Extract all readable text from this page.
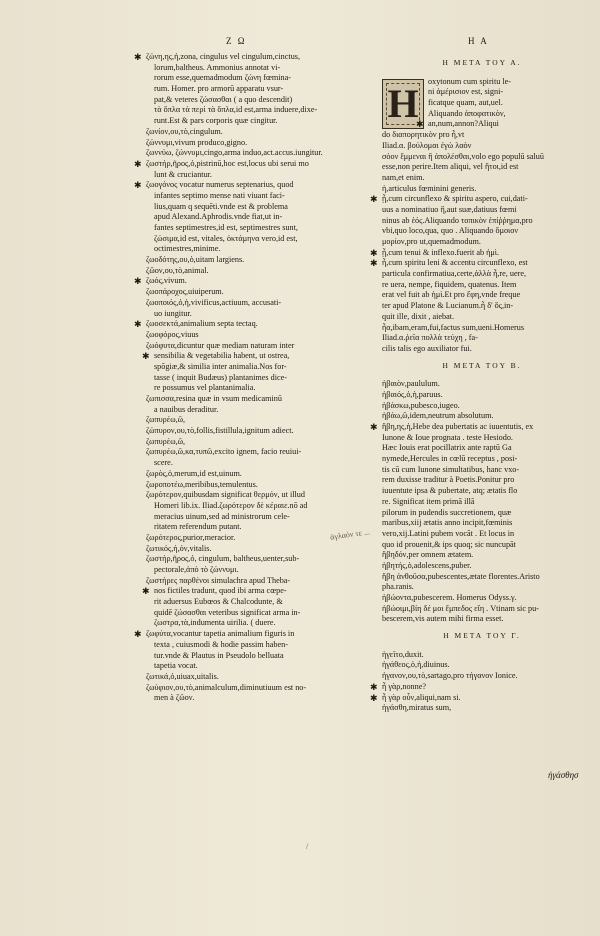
Z Ω	H A
✱ ζώνη,ης,ἡ,zona, cingulus vel cingulum,cinctus,
lorum,baltheus. Ammonius annotat vi-
rorum esse,quemadmodum ζώνη fœmina-
rum. Homer. pro armorū apparatu vsur-
pat,& veteres ζώσασθαι ( a quo descendit)
τὰ ὅπλα τὰ περὶ τὰ ὅπλα,id est,arma induere,dixe-
runt.Est & pars corporis quæ cingitur.
ζωνίον,ου,τὸ,cingulum.
ζώννυμι,vivum produco,gigno.
ζωννύω, ζώννυμι,cingo,arma induo,act.accus.iungitur.
✱ ζωστήρ,ῆρος,ὁ,pistrinū,hoc est,locus ubi serui mo
lunt & cruciantur.
✱ ζωογόνος vocatur numerus septenarius, quod
infantes septimo mense nati viuant faci-
lius,quam q sequēti.vnde est & problema
apud Alexand.Aphrodis.vnde fiat,ut in-
fantes septimestres,id est, septimestres sunt,
ζώσιμα,id est, vitales, ὀκτάμηνα vero,id est,
octimestres,minime.
ζωοδότης,ου,ὁ,uitam largiens.
ζῶον,ου,τὸ,animal.
✱ ζωός,vivum.
ζωοπάροχος,uiuiperum.
ζωοποιός,ὁ,ἡ,vivificus,actiuum, accusati-
uo iungitur.
✱ ζωοσεκτά,animalium septa tectaq.
ζωοφόρος,viuus
ζωόφυτα,dicuntur quæ mediam naturam inter
✱ sensibilia & vegetabilia habent, ut ostrea,
spōgiæ,& similia inter animalia.Nos for-
tasse ( inquit Budæus) plantanimes dice-
re possumus vel plantanimalia.
ζωπισσα,resina quæ in vsum medicaminū
a nauibus deraditur.
ζωπυρέω,ῶ,
ζώπυρον,ου,τὸ,follis,fistillula,ignitum adiect.
ζωπυρέω,ῶ,
ζωπυρέω,ῶ,κα,τυπῶ,excito ignem, facio reuiui-
scere.
ζωρὸς,ὁ,merum,id est,uinum.
ζωροποτέω,meribibus,temulentus.
ζωρότερον,quibusdam significat θερμόν, ut illud
Homeri lib.ix. Iliad.ζωρότερον δὲ κέραιε.nō ad
meracius uinum,sed ad ministrorum cele-
ritatem referendum putant.
ζωρότερος,purior,meracior.
ζωτικός,ή,όν,vitalis.
ζωστήρ,ῆρος,ὁ, cingulum, baltheus,uenter,sub-
pectorale,ἀπὸ τὸ ζώννυμι.
ζωστήρες παρθένοι simulachra apud Theba-
✱ nos fictiles tradunt, quod ibi arma cœpe-
rit aduersus Eubœos & Chalcodunte, &
quidē ζώσασθαι veteribus significat arma in-
ζωστρα,τὰ,indumenta uirilia. ( duere.
✱ ζωφύτα,vocantur tapetia animalium figuris in
texta , cuiusmodi & hodie passim haben-
tur.vnde & Plautus in Pseudolo belluata
tapetia vocat.
ζωτικά,ὁ,uiuax,uitalis.
ζωύφιον,ου,τὸ,animalculum,diminutiuum est no-
men à ζῶον.
H META TOY A.
H	oxytonum cum spiritu le-
ni ἀμέρισιον est, signi-
ficatque quam, aut,uel.
Aliquando ἀποφατικὸν,
✱ an,num,annon?Aliqui
do διαπορητικὸν pro ἦ,vt
Iliad.α. βούλομαι ἐγὼ λαὸν
σόον ἔμμεναι ἢ ἀπολέσθαι,volo ego populū saluū
esse,non perire.Item aliqui, vel ἤτοι,id est
nam,et enim.
ἡ,articulus fœminini generis.
✱ ᾗ,cum circunflexo & spiritu aspero, cui,dati-
uus a nominatiuo ἣ,aut suæ,datiuus fœmi
ninus ab ἑός.Aliquando τοπικὸν ἐπίῤῥημα,pro
vbi,quo loco,qua, quo . Aliquando ὅμοιον
μορίον,pro ut,quemadmodum.
✱ ᾗ,cum tenui & inflexo.fuerit ab ἠμὶ.
✱ ἦ,cum spiritu leni & accentu circunflexo, est
particula confirmatiua,certe,ἀλλὰ ἦ,re, uere,
re uera, nempe, fiquidem, quatenus. Item
erat vel fuit ab ἠμὶ.Et pro ἔφη,vnde freque
ter apud Platone & Lucianum.ἦ δ' ὅς,in-
quit ille, dixit , aiebat.
ἦα,ibam,eram,fui,factus sum,ueni.Homerus
Iliad.α.ῥεῖα πολλὰ τεύχη , fa-
cilis talis ego auxiliator fui.
H META TOY B.
ἠβαιὸν,paululum.
ἠβαιός,ὁ,ἡ,paruus.
ἡβάσκω,pubesco,iugeo.
ἡβάω,ῶ,idem,neutrum absolutum.
✱ ἥβη,ης,ἡ,Hebe dea pubertatis ac iuuentutis, ex
Iunone & Ioue prognata . teste Hesiodo.
Hæc Iouis erat pocillatrix ante raptū Ga
nymede,Hercules in cœlū receptus , posi-
tis cū cum Iunone simultatibus, hanc vxo-
rem duxisse traditur à Poetis.Ponitur pro
iuuentute ipsa & pubertate, atq; ætatis flo
re. Significat item primā illā
pilorum in pudendis succretionem, quæ
maribus,xiij ætatis anno incipit,fœminis
vero,xij.Latini pubem vocāt . Et locus in
quo id prouenit,& ips quoq; sic nuncupāt
ἥβηδόν,per omnem ætatem.
ἡβητής,ὁ,adolescens,puber.
ἥβη ἀνθοῦσα,pubescentes,ætate florentes.Aristo
pha.ranis.
ἡβώοντα,pubescerem. Homerus Odyss.γ.
ἠβώοιμι,βίη δέ μοι ἔμπεδος εἴη . Vtinam sic pu-
bescerem,vis autem mihi firma esset.
H META TOY Γ.
ἡγεῖτο,duxit.
ἠγάθεος,ὁ,ἡ,diuinus.
ἠγανον,ου,τὸ,sartago,pro τήγανον Ionice.
✱ ἦ γὰρ,nonne?
✱ ἦ γὰρ οὖν,aliqui,nam si.
ἠγάσθη,miratus sum,
ἀγλαόν τε ...
/
ἠγάσθησ
